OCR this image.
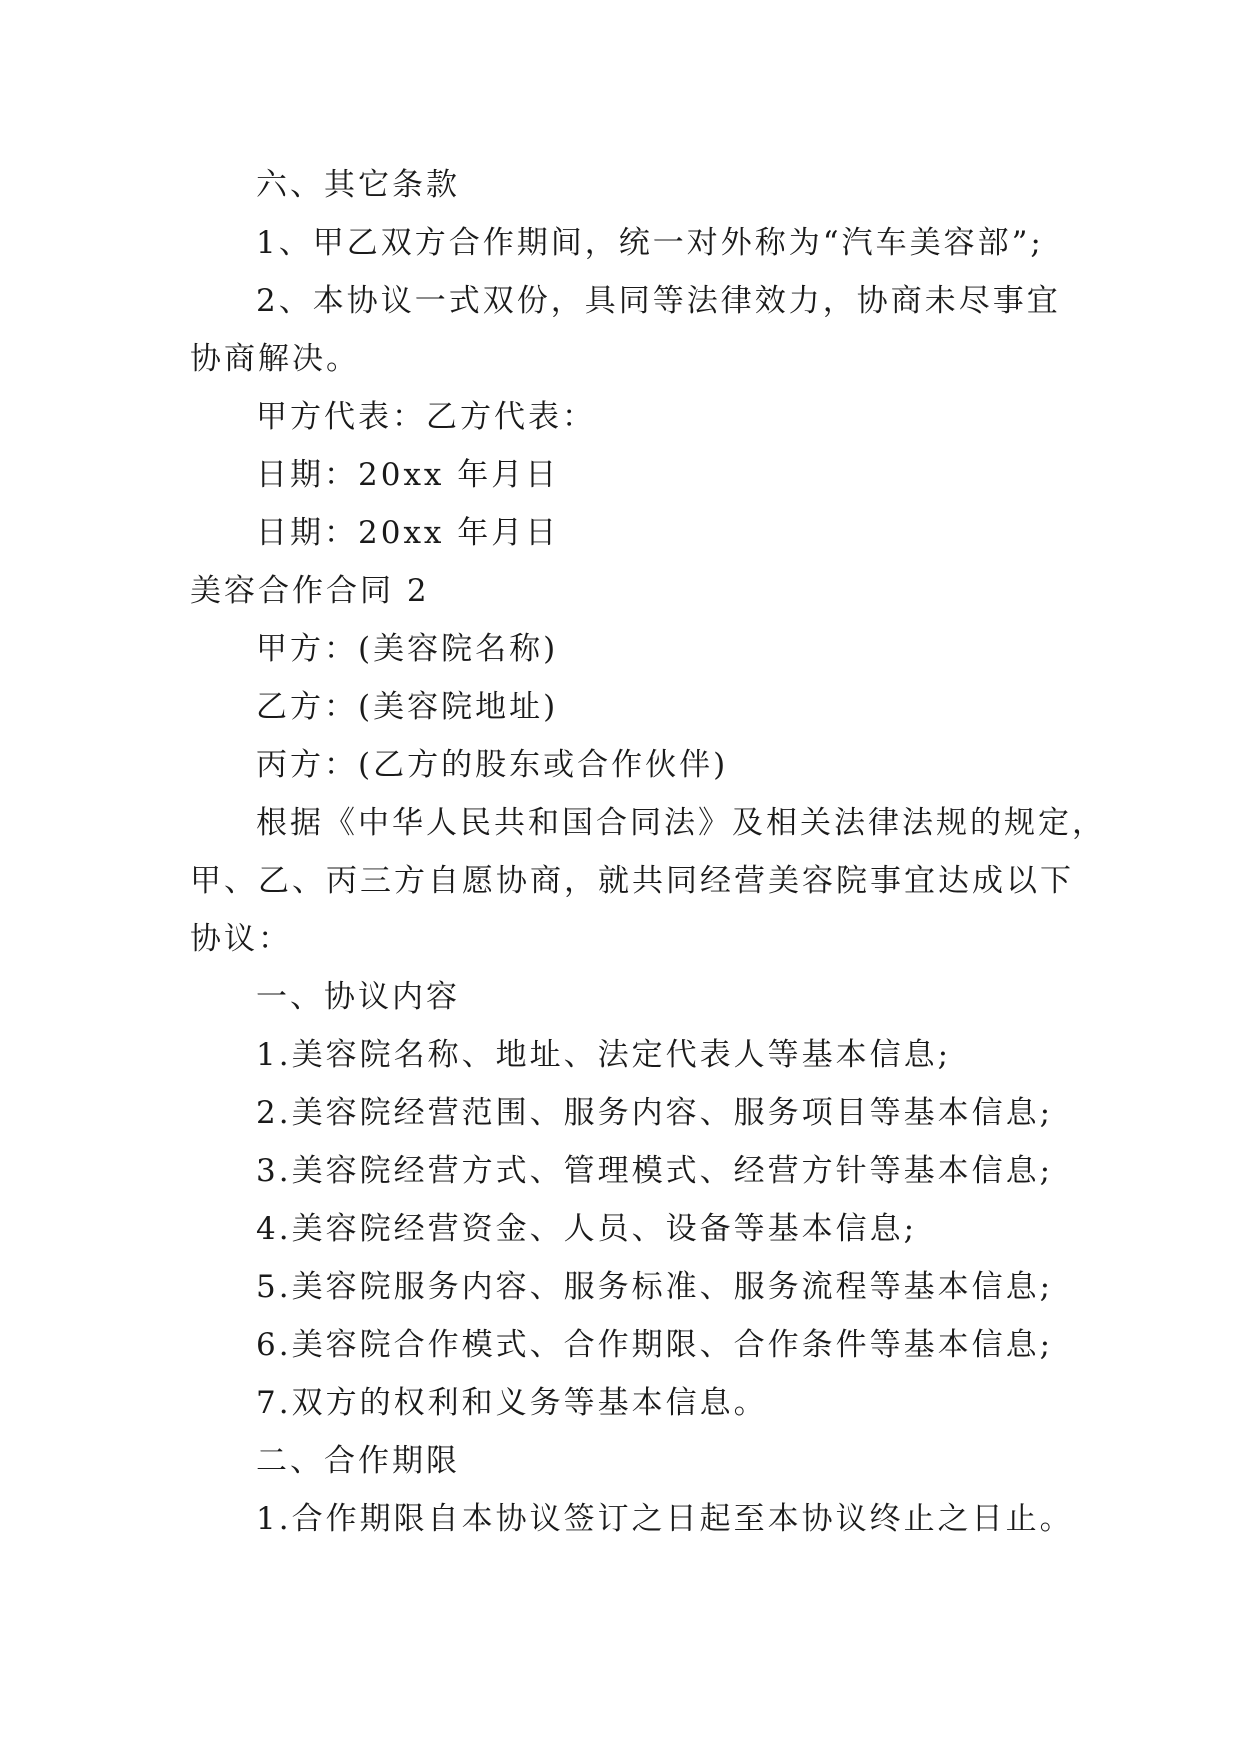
六、其它条款
1、甲乙双方合作期间，统一对外称为“汽车美容部”;
2、本协议一式双份，具同等法律效力，协商未尽事宜
协商解决。
甲方代表：乙方代表：
日期：20xx 年月日
日期：20xx 年月日
美容合作合同 2
甲方：(美容院名称)
乙方：(美容院地址)
丙方：(乙方的股东或合作伙伴)
根据《中华人民共和国合同法》及相关法律法规的规定，
甲、乙、丙三方自愿协商，就共同经营美容院事宜达成以下
协议：
一、协议内容
1.美容院名称、地址、法定代表人等基本信息;
2.美容院经营范围、服务内容、服务项目等基本信息;
3.美容院经营方式、管理模式、经营方针等基本信息;
4.美容院经营资金、人员、设备等基本信息;
5.美容院服务内容、服务标准、服务流程等基本信息;
6.美容院合作模式、合作期限、合作条件等基本信息;
7.双方的权利和义务等基本信息。
二、合作期限
1.合作期限自本协议签订之日起至本协议终止之日止。
